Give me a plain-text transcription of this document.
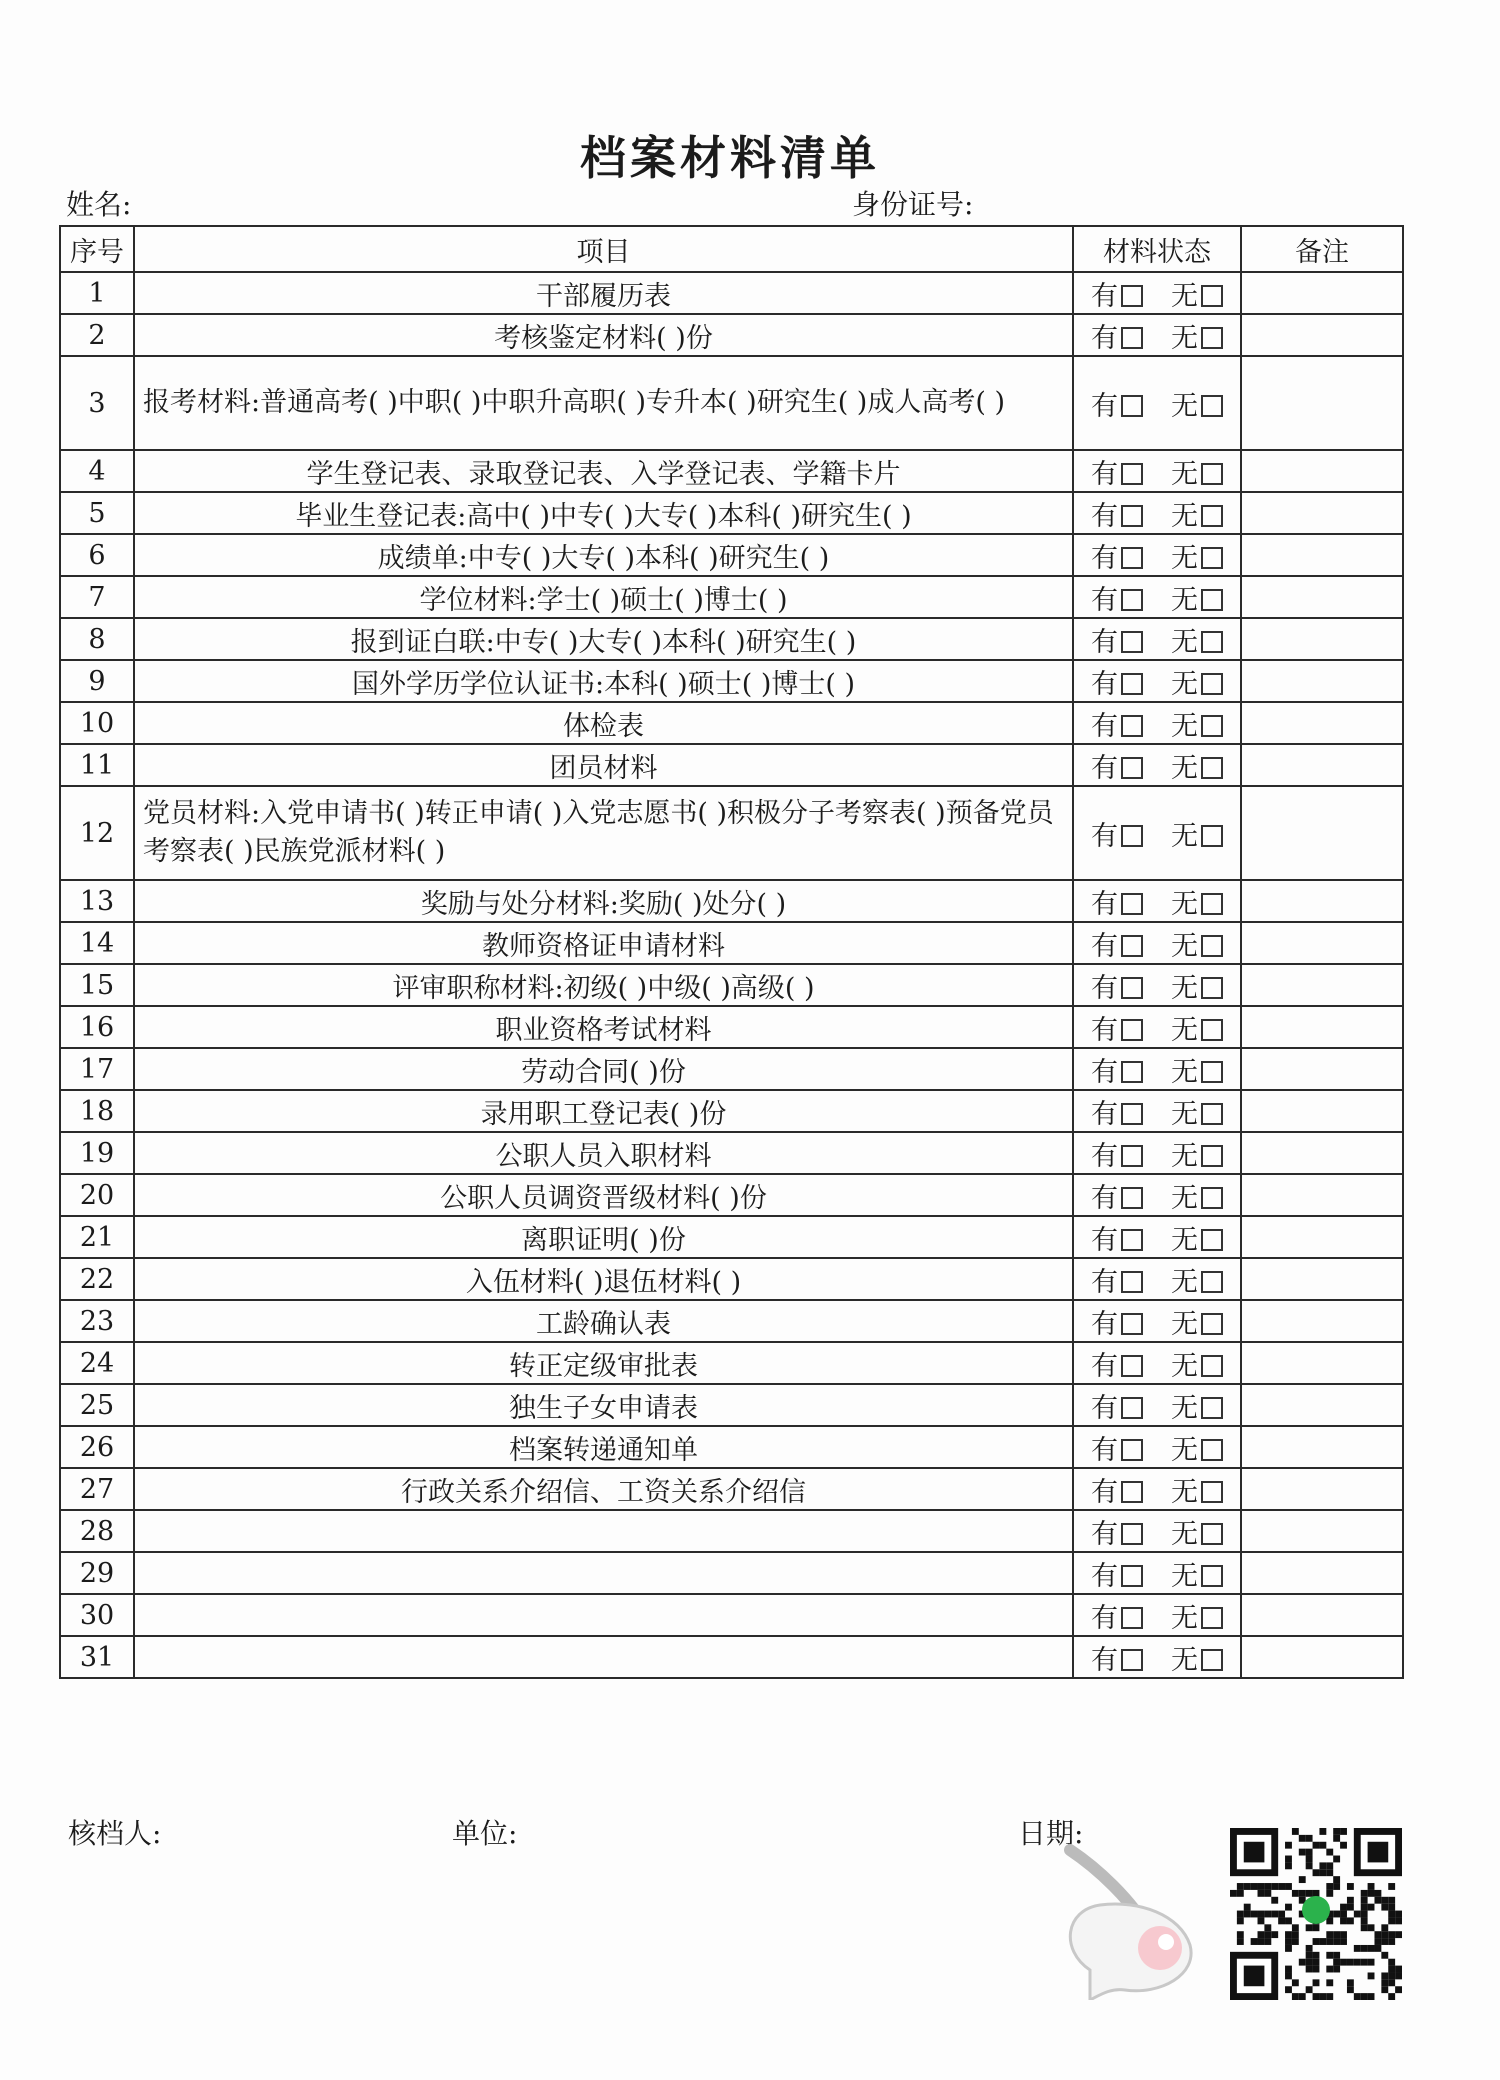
档案材料清单
姓名:	身份证号:
序号	项目	材料状态	备注
1	干部履历表	有 无	
2	考核鉴定材料( )份	有 无	
3	报考材料:普通高考( )中职( )中职升高职( )专升本( )研究生( )成人高考( )	有 无	
4	学生登记表、录取登记表、入学登记表、学籍卡片	有 无	
5	毕业生登记表:高中( )中专( )大专( )本科( )研究生( )	有 无	
6	成绩单:中专( )大专( )本科( )研究生( )	有 无	
7	学位材料:学士( )硕士( )博士( )	有 无	
8	报到证白联:中专( )大专( )本科( )研究生( )	有 无	
9	国外学历学位认证书:本科( )硕士( )博士( )	有 无	
10	体检表	有 无	
11	团员材料	有 无	
12	党员材料:入党申请书( )转正申请( )入党志愿书( )积极分子考察表( )预备党员考察表( )民族党派材料( )	有 无	
13	奖励与处分材料:奖励( )处分( )	有 无	
14	教师资格证申请材料	有 无	
15	评审职称材料:初级( )中级( )高级( )	有 无	
16	职业资格考试材料	有 无	
17	劳动合同( )份	有 无	
18	录用职工登记表( )份	有 无	
19	公职人员入职材料	有 无	
20	公职人员调资晋级材料( )份	有 无	
21	离职证明( )份	有 无	
22	入伍材料( )退伍材料( )	有 无	
23	工龄确认表	有 无	
24	转正定级审批表	有 无	
25	独生子女申请表	有 无	
26	档案转递通知单	有 无	
27	行政关系介绍信、工资关系介绍信	有 无	
28		有 无	
29		有 无	
30		有 无	
31		有 无	
核档人:	单位:	日期:
